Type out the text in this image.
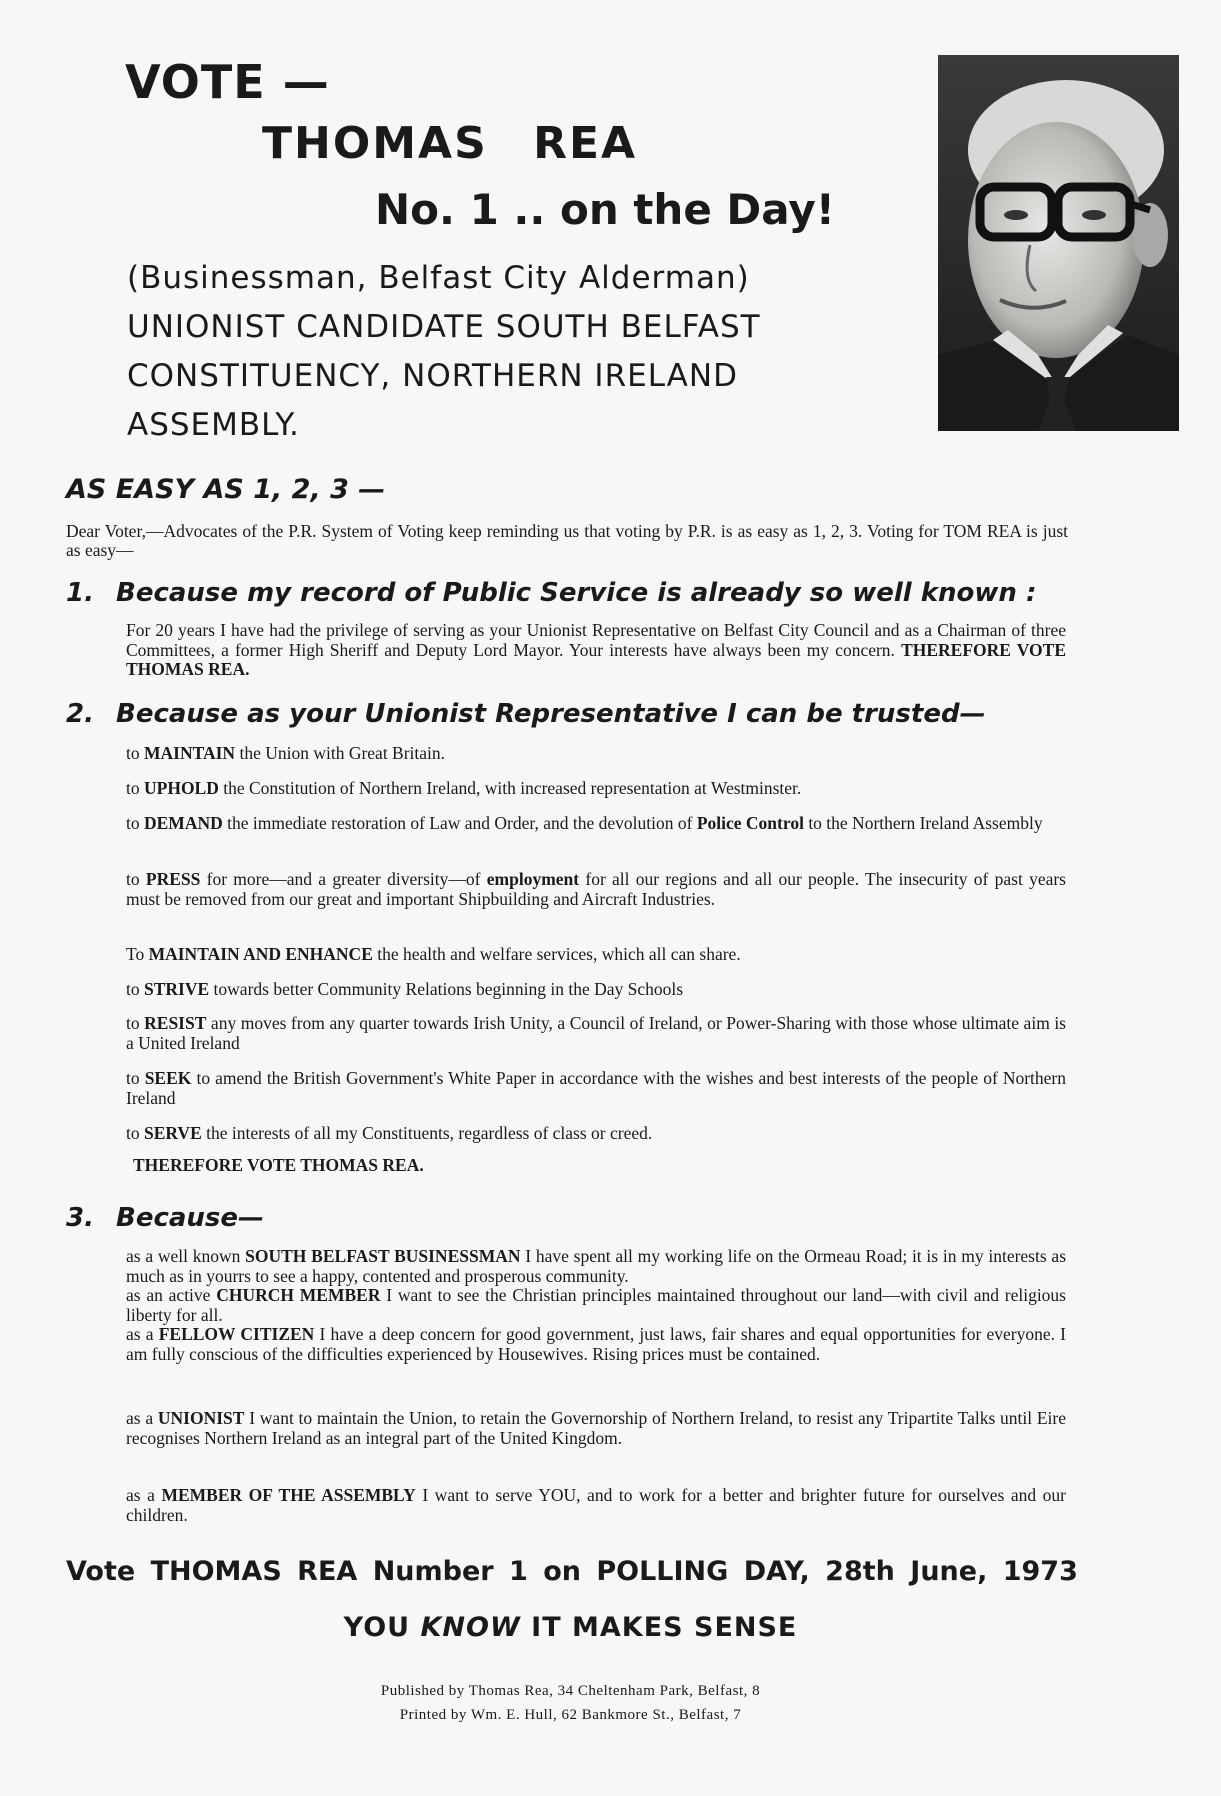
VOTE —
THOMAS REA
No. 1 .. on the Day!
(Businessman, Belfast City Alderman)
UNIONIST CANDIDATE SOUTH BELFAST
CONSTITUENCY, NORTHERN IRELAND
ASSEMBLY.
AS EASY AS 1, 2, 3 —
Dear Voter,—Advocates of the P.R. System of Voting keep reminding us that voting by P.R. is as easy as 1, 2, 3. Voting for TOM REA is just as easy—
1. Because my record of Public Service is already so well known :
For 20 years I have had the privilege of serving as your Unionist Representative on Belfast City Council and as a Chairman of three Committees, a former High Sheriff and Deputy Lord Mayor. Your interests have always been my concern. THEREFORE VOTE THOMAS REA.
2. Because as your Unionist Representative I can be trusted—
to MAINTAIN the Union with Great Britain.
to UPHOLD the Constitution of Northern Ireland, with increased representation at Westminster.
to DEMAND the immediate restoration of Law and Order, and the devolution of Police Control to the Northern Ireland Assembly
to PRESS for more—and a greater diversity—of employment for all our regions and all our people. The insecurity of past years must be removed from our great and important Shipbuilding and Aircraft Industries.
To MAINTAIN AND ENHANCE the health and welfare services, which all can share.
to STRIVE towards better Community Relations beginning in the Day Schools
to RESIST any moves from any quarter towards Irish Unity, a Council of Ireland, or Power-Sharing with those whose ultimate aim is a United Ireland
to SEEK to amend the British Government's White Paper in accordance with the wishes and best interests of the people of Northern Ireland
to SERVE the interests of all my Constituents, regardless of class or creed.
THEREFORE VOTE THOMAS REA.
3. Because—
as a well known SOUTH BELFAST BUSINESSMAN I have spent all my working life on the Ormeau Road; it is in my interests as much as in yourrs to see a happy, contented and prosperous community.
as an active CHURCH MEMBER I want to see the Christian principles maintained throughout our land—with civil and religious liberty for all.
as a FELLOW CITIZEN I have a deep concern for good government, just laws, fair shares and equal opportunities for everyone. I am fully conscious of the difficulties experienced by Housewives. Rising prices must be contained.
as a UNIONIST I want to maintain the Union, to retain the Governorship of Northern Ireland, to resist any Tripartite Talks until Eire recognises Northern Ireland as an integral part of the United Kingdom.
as a MEMBER OF THE ASSEMBLY I want to serve YOU, and to work for a better and brighter future for ourselves and our children.
Vote THOMAS REA Number 1 on POLLING DAY, 28th June, 1973
YOU KNOW IT MAKES SENSE
Published by Thomas Rea, 34 Cheltenham Park, Belfast, 8
Printed by Wm. E. Hull, 62 Bankmore St., Belfast, 7
